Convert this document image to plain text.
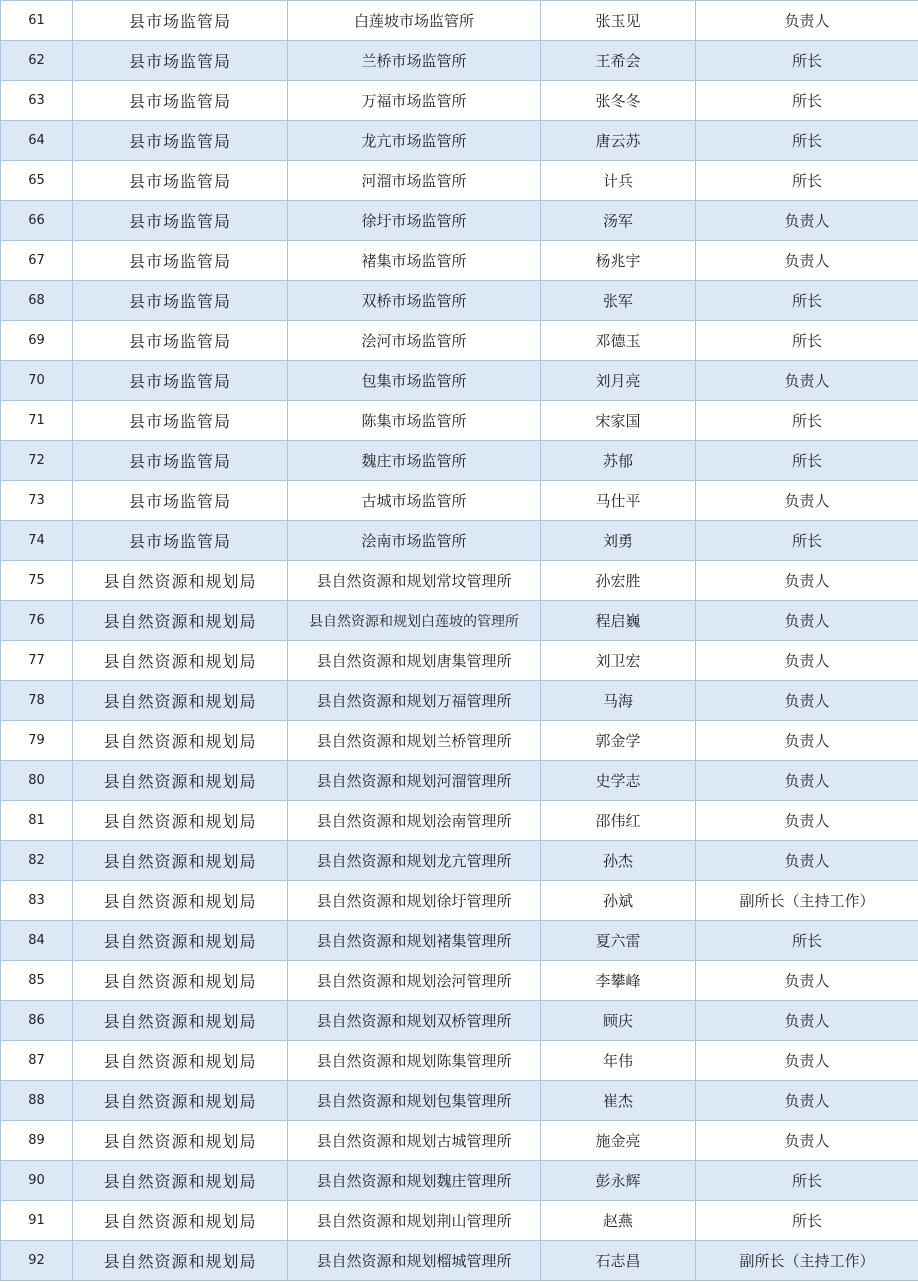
61	县市场监管局	白莲坡市场监管所	张玉见	负责人
62	县市场监管局	兰桥市场监管所	王希会	所长
63	县市场监管局	万福市场监管所	张冬冬	所长
64	县市场监管局	龙亢市场监管所	唐云苏	所长
65	县市场监管局	河溜市场监管所	计兵	所长
66	县市场监管局	徐圩市场监管所	汤军	负责人
67	县市场监管局	褚集市场监管所	杨兆宇	负责人
68	县市场监管局	双桥市场监管所	张军	所长
69	县市场监管局	浍河市场监管所	邓德玉	所长
70	县市场监管局	包集市场监管所	刘月亮	负责人
71	县市场监管局	陈集市场监管所	宋家国	所长
72	县市场监管局	魏庄市场监管所	苏郁	所长
73	县市场监管局	古城市场监管所	马仕平	负责人
74	县市场监管局	浍南市场监管所	刘勇	所长
75	县自然资源和规划局	县自然资源和规划常坟管理所	孙宏胜	负责人
76	县自然资源和规划局	县自然资源和规划白莲坡的管理所	程启巍	负责人
77	县自然资源和规划局	县自然资源和规划唐集管理所	刘卫宏	负责人
78	县自然资源和规划局	县自然资源和规划万福管理所	马海	负责人
79	县自然资源和规划局	县自然资源和规划兰桥管理所	郭金学	负责人
80	县自然资源和规划局	县自然资源和规划河溜管理所	史学志	负责人
81	县自然资源和规划局	县自然资源和规划浍南管理所	邵伟红	负责人
82	县自然资源和规划局	县自然资源和规划龙亢管理所	孙杰	负责人
83	县自然资源和规划局	县自然资源和规划徐圩管理所	孙斌	副所长（主持工作）
84	县自然资源和规划局	县自然资源和规划褚集管理所	夏六雷	所长
85	县自然资源和规划局	县自然资源和规划浍河管理所	李攀峰	负责人
86	县自然资源和规划局	县自然资源和规划双桥管理所	顾庆	负责人
87	县自然资源和规划局	县自然资源和规划陈集管理所	年伟	负责人
88	县自然资源和规划局	县自然资源和规划包集管理所	崔杰	负责人
89	县自然资源和规划局	县自然资源和规划古城管理所	施金亮	负责人
90	县自然资源和规划局	县自然资源和规划魏庄管理所	彭永辉	所长
91	县自然资源和规划局	县自然资源和规划荆山管理所	赵燕	所长
92	县自然资源和规划局	县自然资源和规划榴城管理所	石志昌	副所长（主持工作）
